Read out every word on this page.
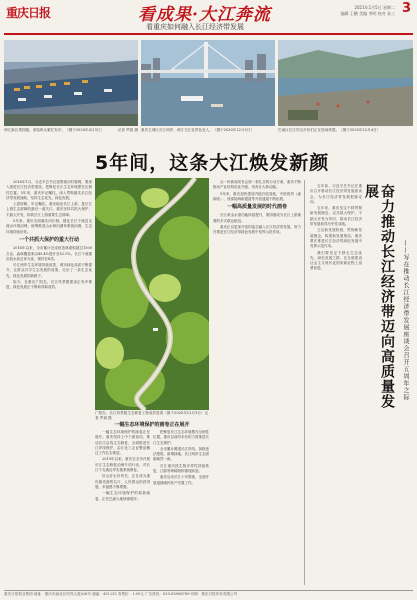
重庆日报	看成果·大江奔流
看重庆如何融入长江经济带发展
2021年1月5日 星期二
编辑 王鹏 美编 李明 校对 朱三 3
两江新区果园港，滚装码头繁忙有序。（摄于2020年4月3日）	记者 罗斌 摄 重庆主城区长江两岸，两江交汇处景色宜人。（摄于2020年12月5日）	巴南区长江岸边市民们正在悠闲休憩。（摄于2020年12月4日）
5年间，这条大江焕发新颜

2016年1月，习近平总书记视察重庆时强调，要深入推进长江经济带建设，把修复长江生态环境摆在压倒性位置。5年来，重庆牢记嘱托，深入贯彻落实长江经济带发展战略，坚持生态优先、绿色发展。

上游屏障，牢记嘱托。重庆地处长江上游，是长江上游生态屏障的最后一道关口。重庆坚持共抓大保护、不搞大开发，构筑长江上游重要生态屏障。

5年来，重庆全面落实河长制，强化长江干流及支流水环境治理，统筹推进山水林田湖草系统治理，生态环境持续好转。

一个共抓大保护的重大行动

2016年以来，全市累计完成营造林面积超过1500万亩，森林覆盖率由45.4%提升至52.5%。长江干流重庆段水质总体为优，保持在Ⅱ类。

长江两岸生态环境持续改善，城市绿化品质不断提升，让群众共享生态发展的成果，走出了一条生态优先、绿色发展的新路子。

如今，在重庆广阳岛，长江风景眼建设正有序推进，绿色发展正不断取得新成效。

广阳岛，长江风景眼生态修复工程成效显著（摄于2020年12月3日）记者 罗斌 摄
一幅生态环境保护的画卷正在展开

一幅生态环境保护的画卷正在展开。重庆坚持上中下游协同，推动长江沿线生态修复，全面推进长江岸线保护，沿江化工企业整治搬迁工作扎实推进。

2019年以来，重庆在全市开展长江生态修复治理专项行动，对长江干支流沿岸实施系统修复。

好山好水好风光，正在成为重庆最亮丽的名片，人民群众的获得感、幸福感不断增强。

一幅生态环境保护的崭新画卷，正在巴渝大地徐徐展开。

把修复长江生态环境摆在压倒性位置，重庆以前所未有的力度推进长江生态保护。

全市累计腾退长江岸线，拆除违法建筑，新增绿地，长江两岸生态面貌焕然一新。

长江重庆段生物多样性持续恢复，江豚等珍稀物种重现踪迹。

重庆启动长江十年禁渔，全面开展退捕渔民转产安置工作。

从一份新闻发布会到一套扎实的行动方案，重庆不断推动产业结构优化升级，培育壮大新动能。

5年来，重庆加快建设内陆开放高地，中欧班列（渝新欧）、西部陆海新通道等开放通道不断拓展。

一幅高质量发展的时代画卷

长江黄金水道功能持续提升，果园港成为长江上游重要的多式联运枢纽。

重庆正以更加开放的姿态融入长江经济带发展，努力在推进长江经济带绿色发展中发挥示范作用。	奋力推动长江经济带迈向高质量发展
——写在推动长江经济带发展座谈会召开五周年之际

五年前，习近平总书记在重庆召开推动长江经济带发展座谈会，为长江经济带发展把脉定向。

五年来，重庆坚定不移贯彻新发展理念，以共抓大保护、不搞大开发为导向，推动长江经济带发展取得历史性成就。

立足新发展阶段，贯彻新发展理念，构建新发展格局，重庆要在推进长江经济带绿色发展中发挥示范作用。

我们要坚定不移走生态优先、绿色发展之路，在全面建设社会主义现代化国家新征程上奋勇前进。

重庆日报报业集团 地址：重庆市渝北区同茂大道416号 邮编：401120 零售价：1.00元 广告热线：023-63906789 印刷：重庆日报印务有限公司
